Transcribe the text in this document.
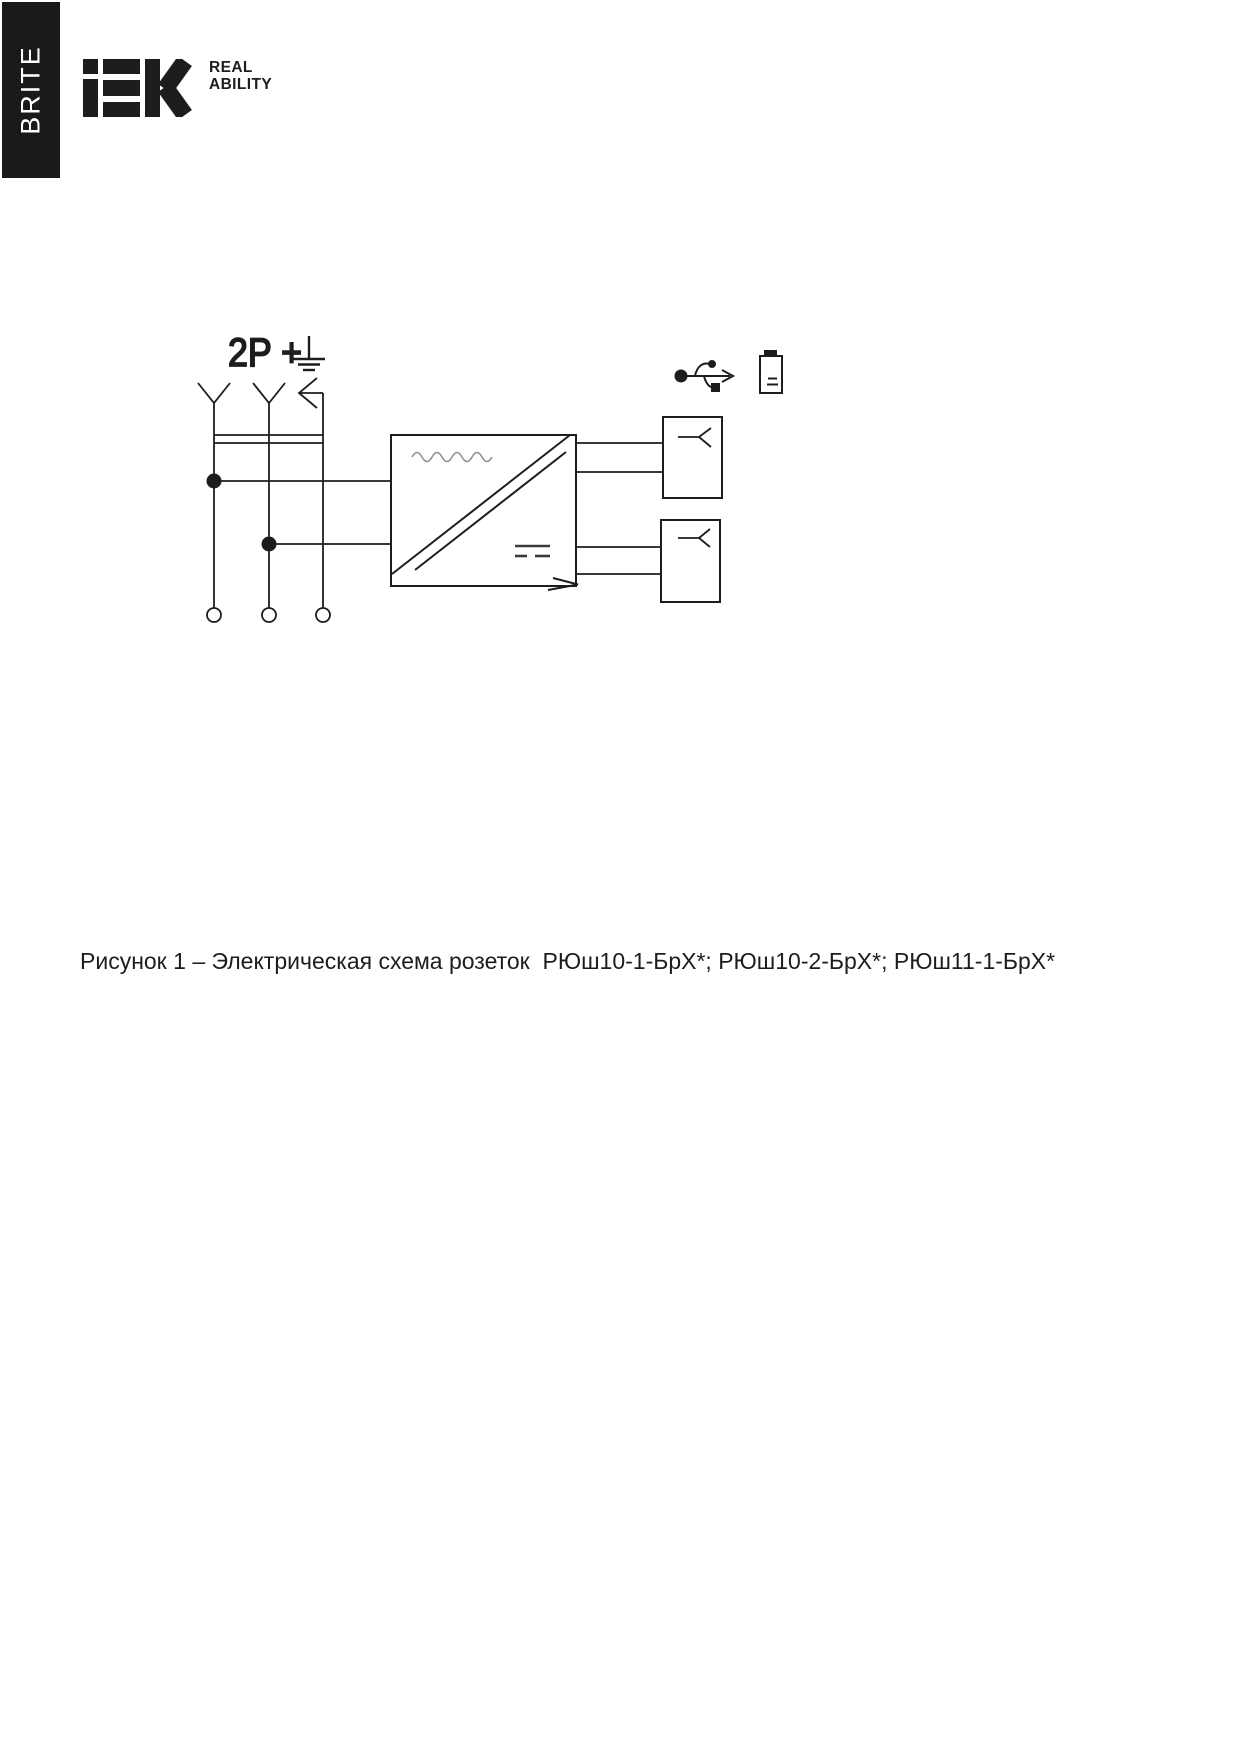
BRITE	REAL
ABILITY
2P +
Рисунок 1 – Электрическая схема розеток  РЮш10-1-БрХ*; РЮш10-2-БрХ*; РЮш11-1-БрХ*
